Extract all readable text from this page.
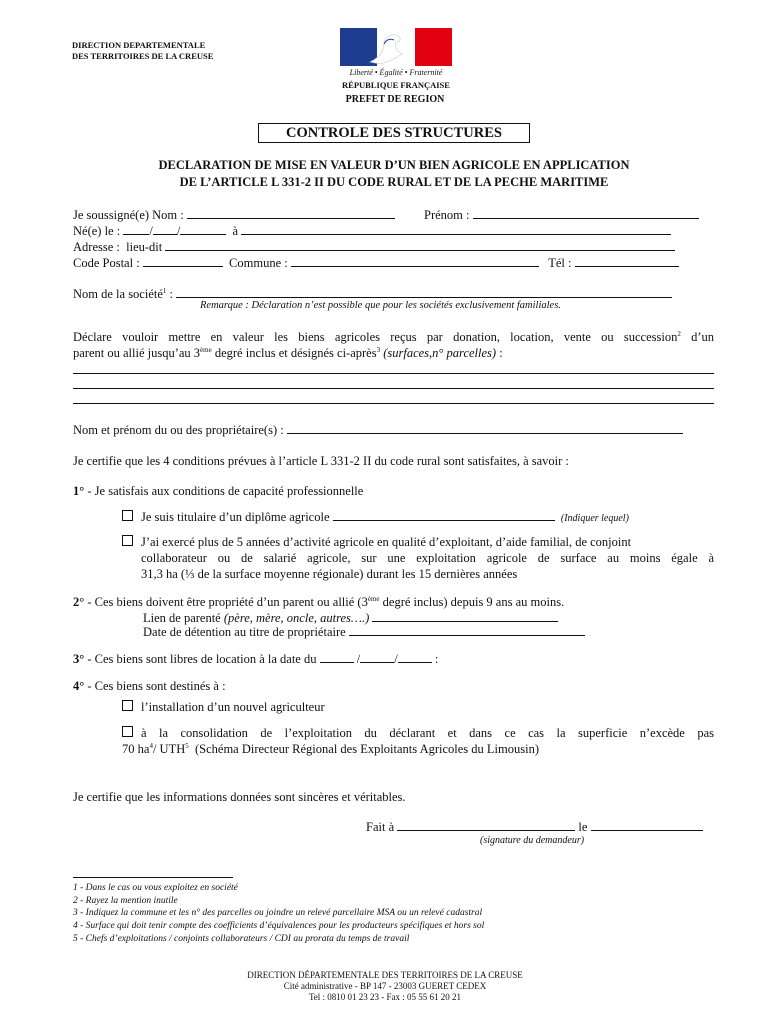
DIRECTION DEPARTEMENTALE
DES TERRITOIRES DE LA CREUSE
Liberté • Égalité • Fraternité
RÉPUBLIQUE FRANÇAISE
PREFET DE REGION
CONTROLE DES STRUCTURES
DECLARATION DE MISE EN VALEUR D’UN BIEN AGRICOLE EN APPLICATION
DE L’ARTICLE L 331-2 II DU CODE RURAL ET DE LA PECHE MARITIME
Je soussigné(e) Nom :	Prénom :
Né(e) le : / /	à
Adresse : lieu-dit
Code Postal :	Commune :	Tél :
Nom de la société$^1$ :
Remarque : Déclaration n’est possible que pour les sociétés exclusivement familiales.
Déclare vouloir mettre en valeur les biens agricoles reçus par donation, location, vente ou succession$^2$ d’un
parent ou allié jusqu’au 3ème degré inclus et désignés ci-après$^3$ (surfaces,n° parcelles) :
Nom et prénom du ou des propriétaire(s) :
Je certifie que les 4 conditions prévues à l’article L 331-2 II du code rural sont satisfaites, à savoir :
1° - Je satisfais aux conditions de capacité professionnelle
Je suis titulaire d’un diplôme agricole	(Indiquer lequel)
J’ai exercé plus de 5 années d’activité agricole en qualité d’exploitant, d’aide familial, de conjoint
collaborateur ou de salarié agricole, sur une exploitation agricole de surface au moins égale à
31,3 ha (⅓ de la surface moyenne régionale) durant les 15 dernières années
2° - Ces biens doivent être propriété d’un parent ou allié (3ème degré inclus) depuis 9 ans au moins.
Lien de parenté (père, mère, oncle, autres….)
Date de détention au titre de propriétaire
3° - Ces biens sont libres de location à la date du	/	/	:
4° - Ces biens sont destinés à :
l’installation d’un nouvel agriculteur
à la consolidation de l’exploitation du déclarant et dans ce cas la superficie n’excède pas
70 $ha^4/$ UTH$^5$ (Schéma Directeur Régional des Exploitants Agricoles du Limousin)
Je certifie que les informations données sont sincères et véritables.
Fait à	le
(signature du demandeur)
1 - Dans le cas ou vous exploitez en société
2 - Rayez la mention inutile
3 - Indiquez la commune et les n° des parcelles ou joindre un relevé parcellaire MSA ou un relevé cadastral
4 - Surface qui doit tenir compte des coefficients d’équivalences pour les producteurs spécifiques et hors sol
5 - Chefs d’exploitations / conjoints collaborateurs / CDI au prorata du temps de travail
DIRECTION DÉPARTEMENTALE DES TERRITOIRES DE LA CREUSE
Cité administrative - BP 147 - 23003 GUERET CEDEX
Tel : 0810 01 23 23 - Fax : 05 55 61 20 21
